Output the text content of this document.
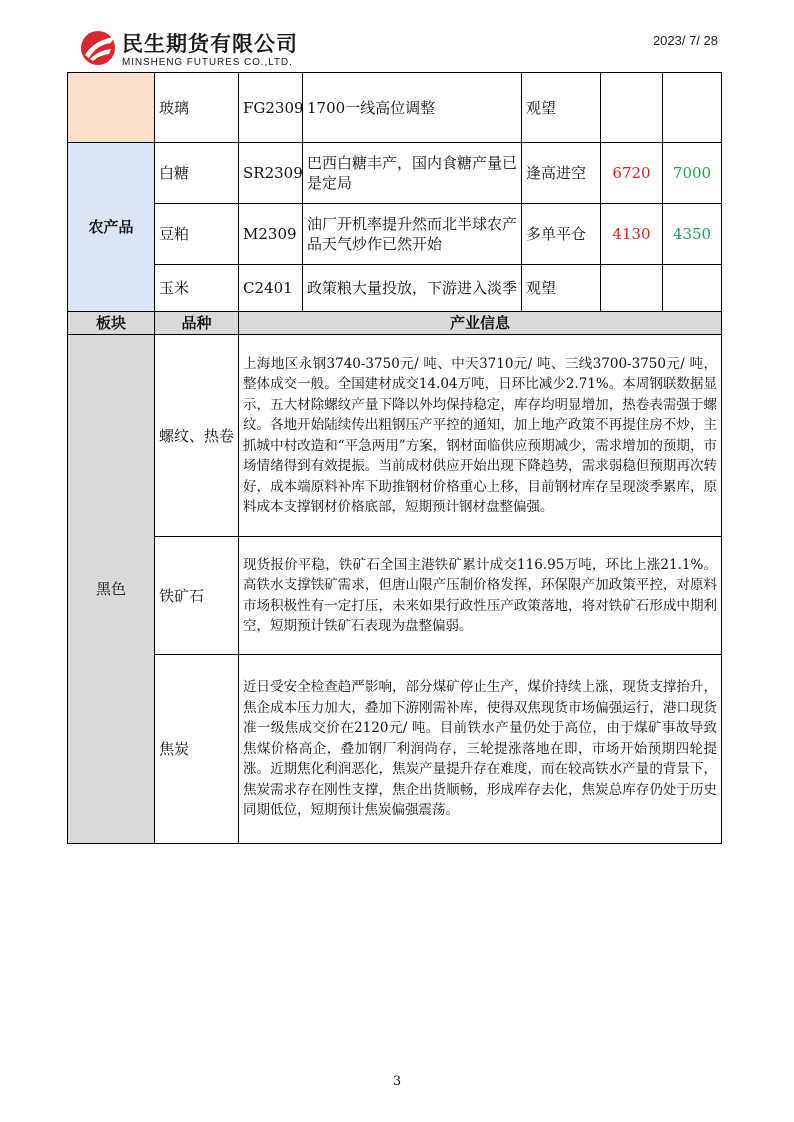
民生期货有限公司
MINSHENG FUTURES CO.,LTD.
2023/ 7/ 28
	玻璃	FG2309	1700一线高位调整	观望		
农产品	白糖	SR2309	巴西白糖丰产，国内食糖产量已是定局	逢高进空	6720	7000
	豆粕	M2309	油厂开机率提升然而北半球农产品天气炒作已然开始	多单平仓	4130	4350
	玉米	C2401	政策粮大量投放，下游进入淡季	观望		
板块	品种	产业信息
黑色	螺纹、热卷	上海地区永钢3740-3750元/ 吨、中天3710元/ 吨、三线3700-3750元/ 吨，整体成交一般。全国建材成交14.04万吨，日环比减少2.71%。本周钢联数据显示，五大材除螺纹产量下降以外均保持稳定，库存均明显增加，热卷表需强于螺纹。各地开始陆续传出粗钢压产平控的通知，加上地产政策不再提住房不炒，主抓城中村改造和“平急两用”方案，钢材面临供应预期减少，需求增加的预期，市场情绪得到有效提振。当前成材供应开始出现下降趋势，需求弱稳但预期再次转好，成本端原料补库下助推钢材价格重心上移，目前钢材库存呈现淡季累库，原料成本支撑钢材价格底部，短期预计钢材盘整偏强。
	铁矿石	现货报价平稳，铁矿石全国主港铁矿累计成交116.95万吨，环比上涨21.1%。高铁水支撑铁矿需求，但唐山限产压制价格发挥，环保限产加政策平控，对原料市场积极性有一定打压，未来如果行政性压产政策落地，将对铁矿石形成中期利空，短期预计铁矿石表现为盘整偏弱。
	焦炭	近日受安全检查趋严影响，部分煤矿停止生产，煤价持续上涨，现货支撑抬升，焦企成本压力加大，叠加下游刚需补库，使得双焦现货市场偏强运行，港口现货准一级焦成交价在2120元/ 吨。目前铁水产量仍处于高位，由于煤矿事故导致焦煤价格高企，叠加钢厂利润尚存，三轮提涨落地在即，市场开始预期四轮提涨。近期焦化利润恶化，焦炭产量提升存在难度，而在较高铁水产量的背景下，焦炭需求存在刚性支撑，焦企出货顺畅，形成库存去化，焦炭总库存仍处于历史同期低位，短期预计焦炭偏强震荡。
3
